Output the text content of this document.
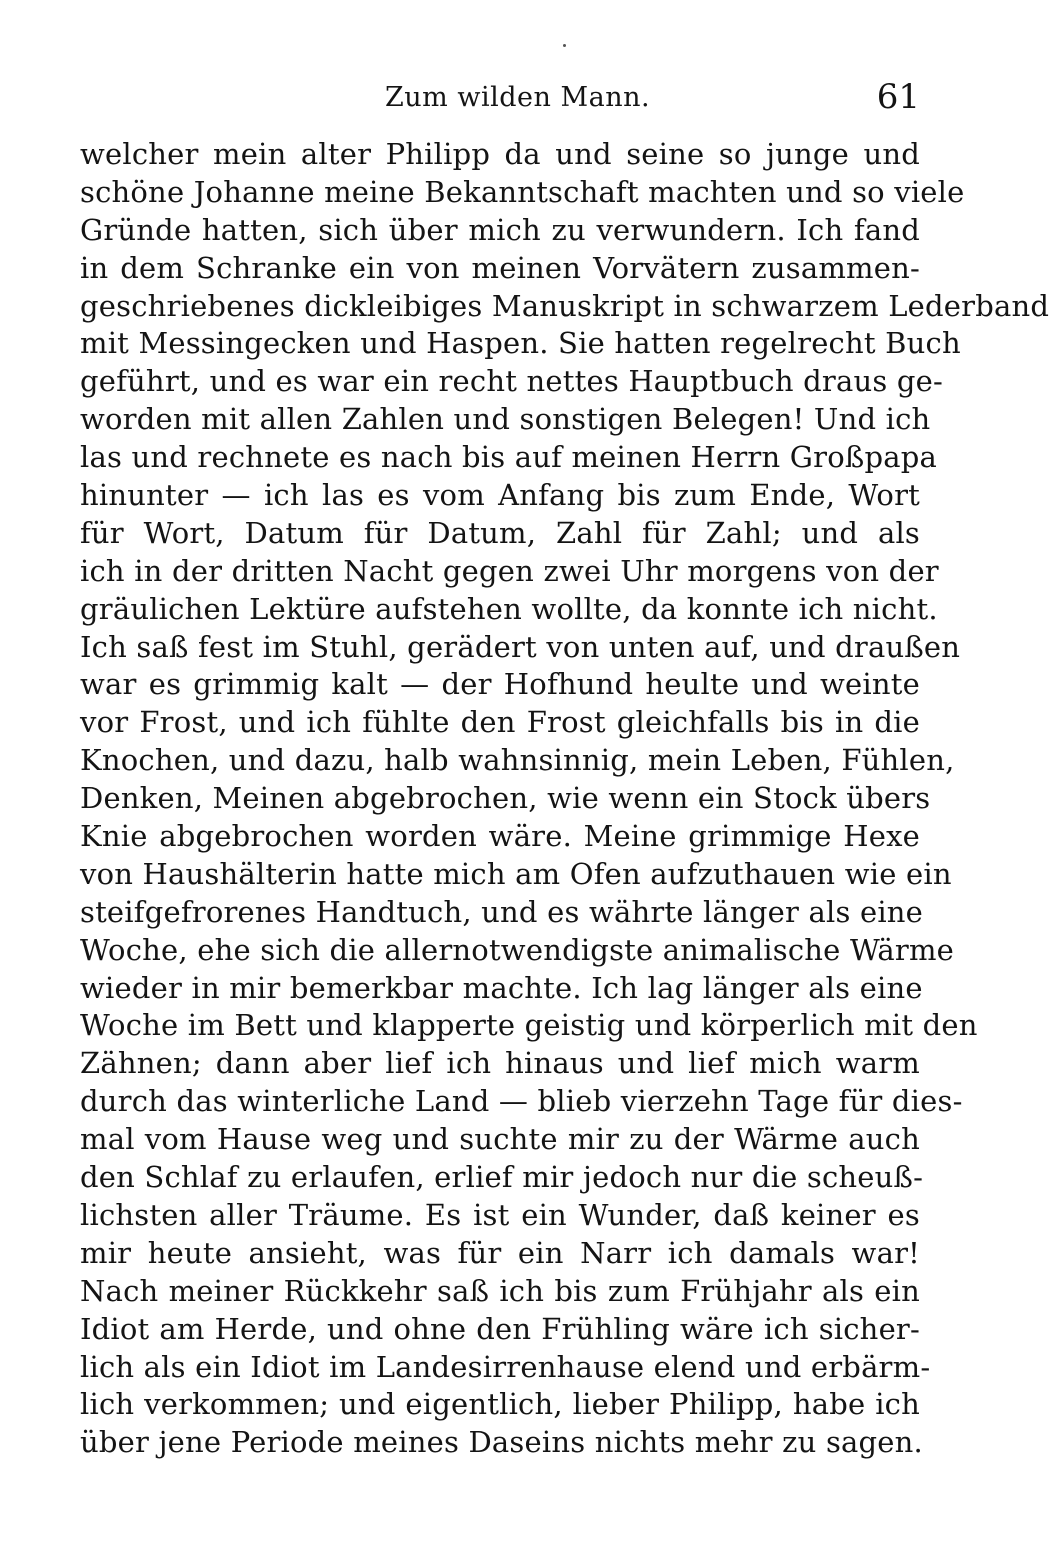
Zum wilden Mann.	61
welcher mein alter Philipp da und seine so junge und
schöne Johanne meine Bekanntschaft machten und so viele
Gründe hatten, sich über mich zu verwundern. Ich fand
in dem Schranke ein von meinen Vorvätern zusammen-
geschriebenes dickleibiges Manuskript in schwarzem Lederband
mit Messingecken und Haspen. Sie hatten regelrecht Buch
geführt, und es war ein recht nettes Hauptbuch draus ge-
worden mit allen Zahlen und sonstigen Belegen! Und ich
las und rechnete es nach bis auf meinen Herrn Großpapa
hinunter — ich las es vom Anfang bis zum Ende, Wort
für Wort, Datum für Datum, Zahl für Zahl; und als
ich in der dritten Nacht gegen zwei Uhr morgens von der
gräulichen Lektüre aufstehen wollte, da konnte ich nicht.
Ich saß fest im Stuhl, gerädert von unten auf, und draußen
war es grimmig kalt — der Hofhund heulte und weinte
vor Frost, und ich fühlte den Frost gleichfalls bis in die
Knochen, und dazu, halb wahnsinnig, mein Leben, Fühlen,
Denken, Meinen abgebrochen, wie wenn ein Stock übers
Knie abgebrochen worden wäre. Meine grimmige Hexe
von Haushälterin hatte mich am Ofen aufzuthauen wie ein
steifgefrorenes Handtuch, und es währte länger als eine
Woche, ehe sich die allernotwendigste animalische Wärme
wieder in mir bemerkbar machte. Ich lag länger als eine
Woche im Bett und klapperte geistig und körperlich mit den
Zähnen; dann aber lief ich hinaus und lief mich warm
durch das winterliche Land — blieb vierzehn Tage für dies-
mal vom Hause weg und suchte mir zu der Wärme auch
den Schlaf zu erlaufen, erlief mir jedoch nur die scheuß-
lichsten aller Träume. Es ist ein Wunder, daß keiner es
mir heute ansieht, was für ein Narr ich damals war!
Nach meiner Rückkehr saß ich bis zum Frühjahr als ein
Idiot am Herde, und ohne den Frühling wäre ich sicher-
lich als ein Idiot im Landesirrenhause elend und erbärm-
lich verkommen; und eigentlich, lieber Philipp, habe ich
über jene Periode meines Daseins nichts mehr zu sagen.
